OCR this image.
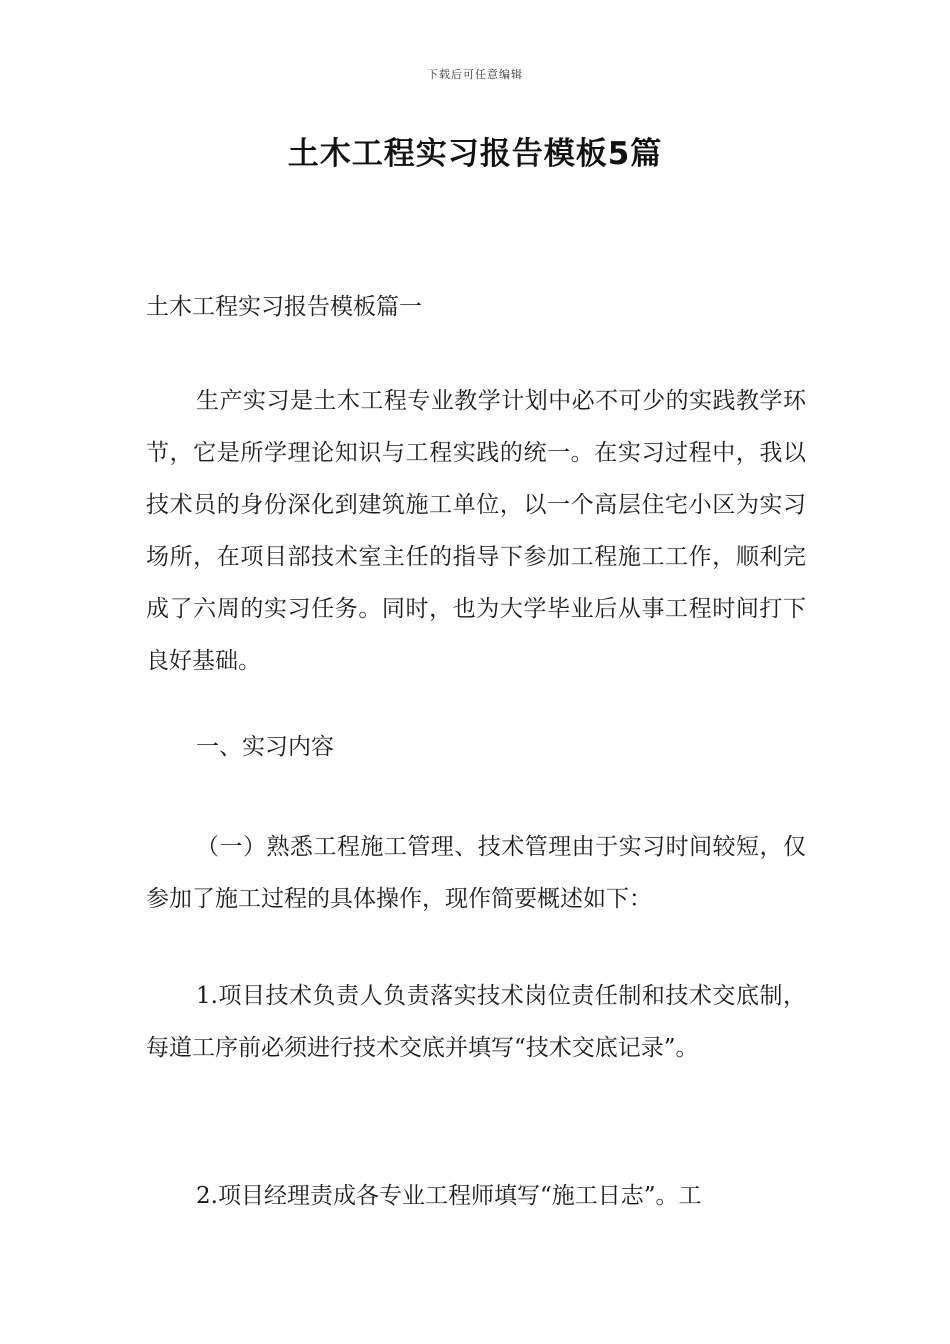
下载后可任意编辑
土木工程实习报告模板5篇

土木工程实习报告模板篇一

生产实习是土木工程专业教学计划中必不可少的实践教学环节，它是所学理论知识与工程实践的统一。在实习过程中，我以技术员的身份深化到建筑施工单位，以一个高层住宅小区为实习场所，在项目部技术室主任的指导下参加工程施工工作，顺利完成了六周的实习任务。同时，也为大学毕业后从事工程时间打下良好基础。

一、实习内容

（一）熟悉工程施工管理、技术管理由于实习时间较短，仅参加了施工过程的具体操作，现作简要概述如下：

1.项目技术负责人负责落实技术岗位责任制和技术交底制，每道工序前必须进行技术交底并填写“技术交底记录”。

2.项目经理责成各专业工程师填写“施工日志”。工
